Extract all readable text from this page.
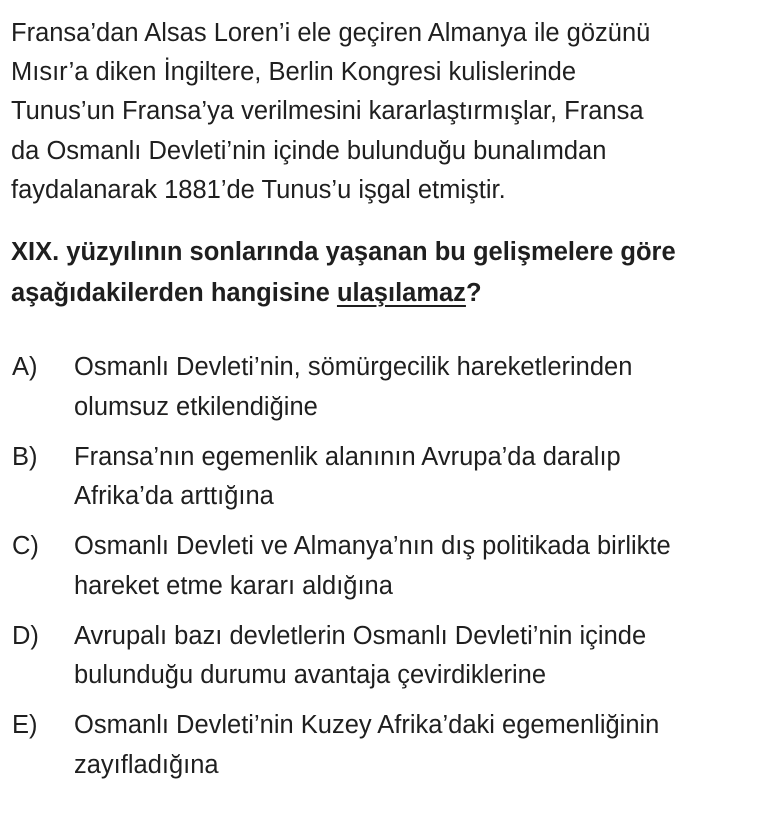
Fransa’dan Alsas Loren’i ele geçiren Almanya ile gözünü
Mısır’a diken İngiltere, Berlin Kongresi kulislerinde
Tunus’un Fransa’ya verilmesini kararlaştırmışlar, Fransa
da Osmanlı Devleti’nin içinde bulunduğu bunalımdan
faydalanarak 1881’de Tunus’u işgal etmiştir.

XIX. yüzyılının sonlarında yaşanan bu gelişmelere göre
aşağıdakilerden hangisine ulaşılamaz?

A)	Osmanlı Devleti’nin, sömürgecilik hareketlerinden
olumsuz etkilendiğine
B)	Fransa’nın egemenlik alanının Avrupa’da daralıp
Afrika’da arttığına
C)	Osmanlı Devleti ve Almanya’nın dış politikada birlikte
hareket etme kararı aldığına
D)	Avrupalı bazı devletlerin Osmanlı Devleti’nin içinde
bulunduğu durumu avantaja çevirdiklerine
E)	Osmanlı Devleti’nin Kuzey Afrika’daki egemenliğinin
zayıfladığına
